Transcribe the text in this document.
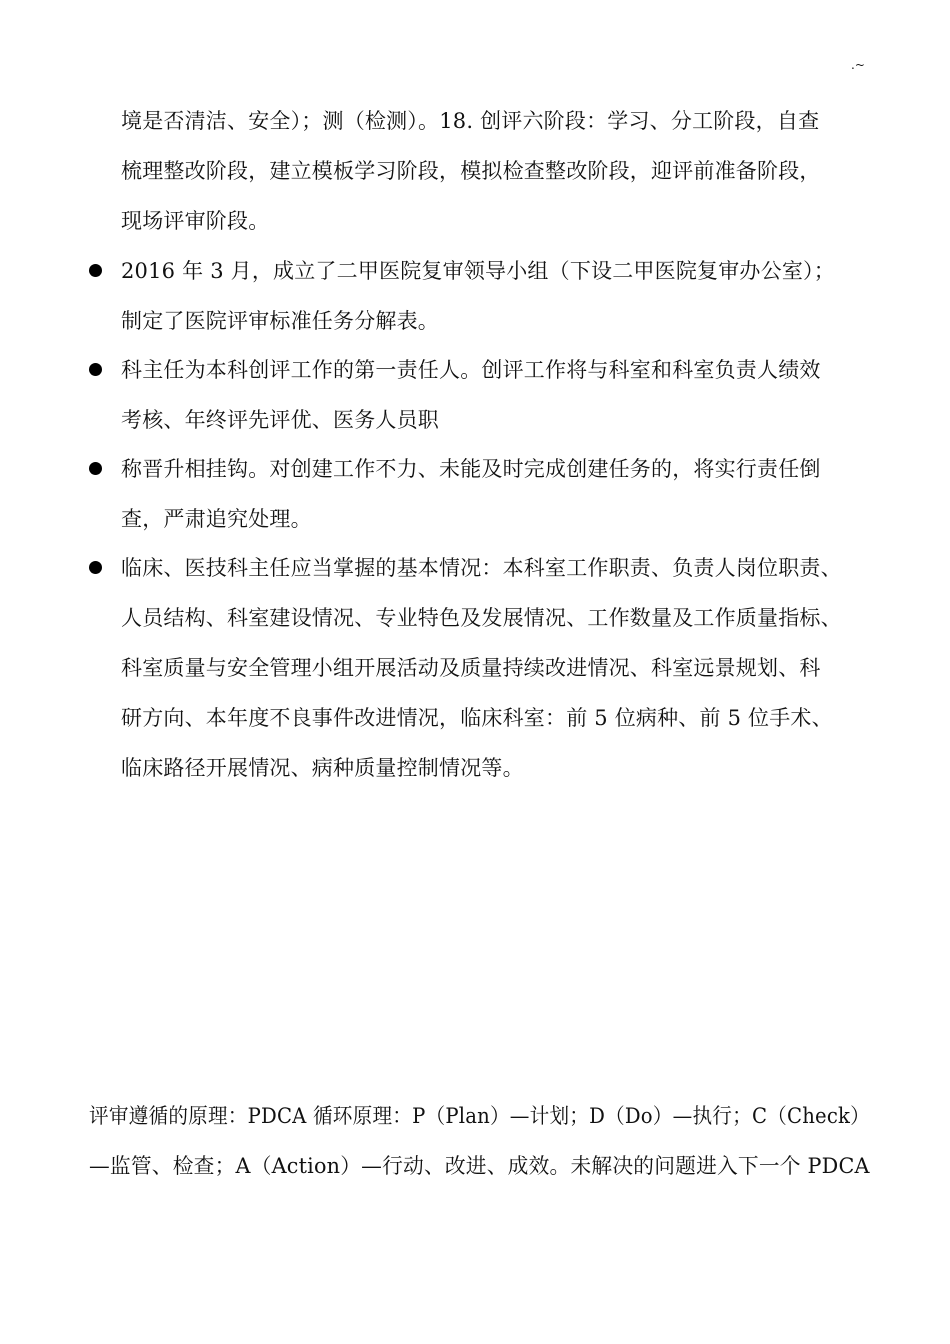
.~
境是否清洁、安全）；测（检测）。18. 创评六阶段：学习、分工阶段，自查
梳理整改阶段，建立模板学习阶段，模拟检查整改阶段，迎评前准备阶段，
现场评审阶段。
2016 年 3 月，成立了二甲医院复审领导小组（下设二甲医院复审办公室）；
制定了医院评审标准任务分解表。
科主任为本科创评工作的第一责任人。创评工作将与科室和科室负责人绩效
考核、年终评先评优、医务人员职
称晋升相挂钩。对创建工作不力、未能及时完成创建任务的，将实行责任倒
查，严肃追究处理。
临床、医技科主任应当掌握的基本情况：本科室工作职责、负责人岗位职责、
人员结构、科室建设情况、专业特色及发展情况、工作数量及工作质量指标、
科室质量与安全管理小组开展活动及质量持续改进情况、科室远景规划、科
研方向、本年度不良事件改进情况，临床科室：前 5 位病种、前 5 位手术、
临床路径开展情况、病种质量控制情况等。
评审遵循的原理：PDCA 循环原理：P（Plan）—计划；D（Do）—执行；C（Check）
—监管、检查；A（Action）—行动、改进、成效。未解决的问题进入下一个 PDCA
